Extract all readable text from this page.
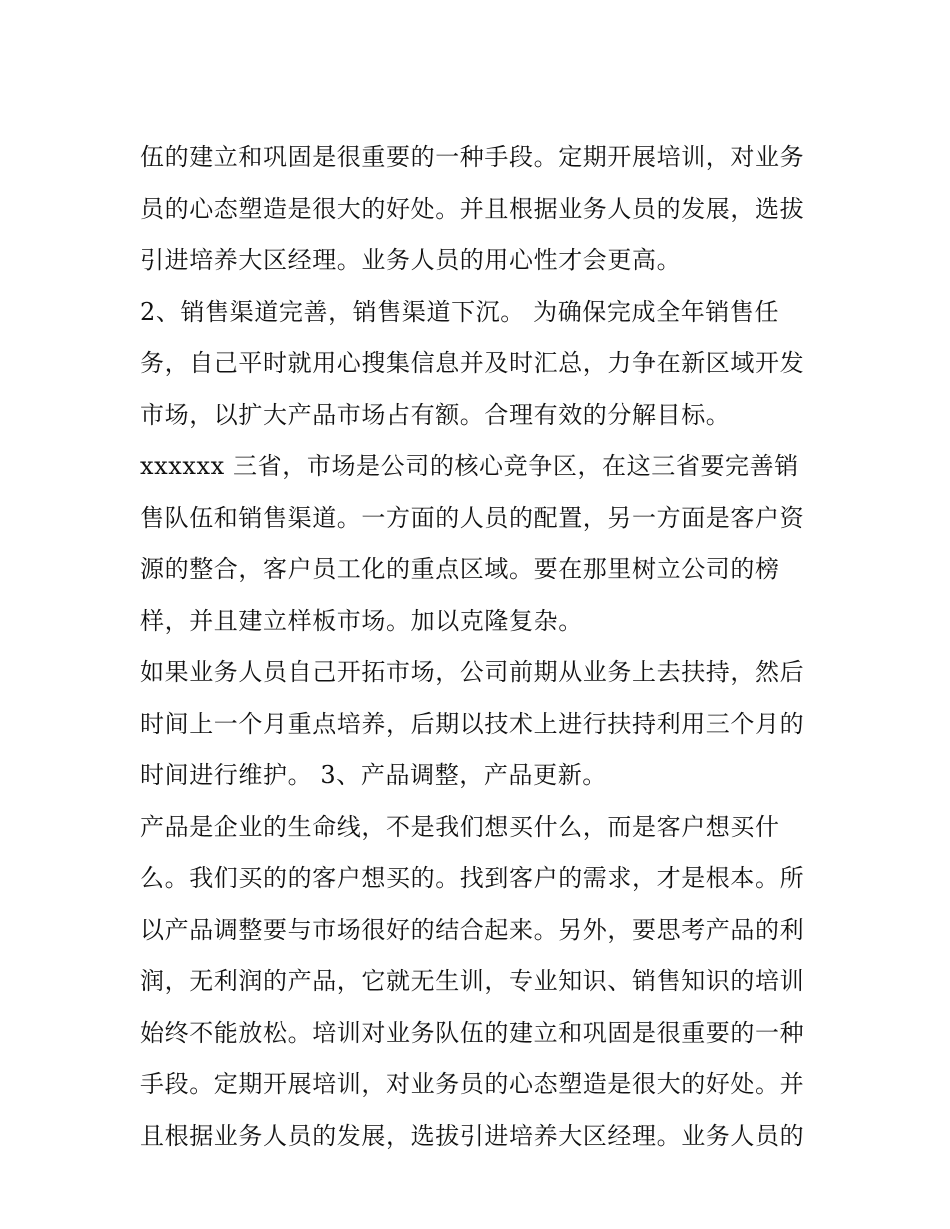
伍的建立和巩固是很重要的一种手段。定期开展培训，对业务
员的心态塑造是很大的好处。并且根据业务人员的发展，选拔
引进培养大区经理。业务人员的用心性才会更高。
2、销售渠道完善，销售渠道下沉。 为确保完成全年销售任
务，自己平时就用心搜集信息并及时汇总，力争在新区域开发
市场，以扩大产品市场占有额。合理有效的分解目标。
xxxxxx 三省，市场是公司的核心竞争区，在这三省要完善销
售队伍和销售渠道。一方面的人员的配置，另一方面是客户资
源的整合，客户员工化的重点区域。要在那里树立公司的榜
样，并且建立样板市场。加以克隆复杂。
如果业务人员自己开拓市场，公司前期从业务上去扶持，然后
时间上一个月重点培养，后期以技术上进行扶持利用三个月的
时间进行维护。 3、产品调整，产品更新。
产品是企业的生命线，不是我们想买什么，而是客户想买什
么。我们买的的客户想买的。找到客户的需求，才是根本。所
以产品调整要与市场很好的结合起来。另外，要思考产品的利
润，无利润的产品，它就无生训，专业知识、销售知识的培训
始终不能放松。培训对业务队伍的建立和巩固是很重要的一种
手段。定期开展培训，对业务员的心态塑造是很大的好处。并
且根据业务人员的发展，选拔引进培养大区经理。业务人员的
